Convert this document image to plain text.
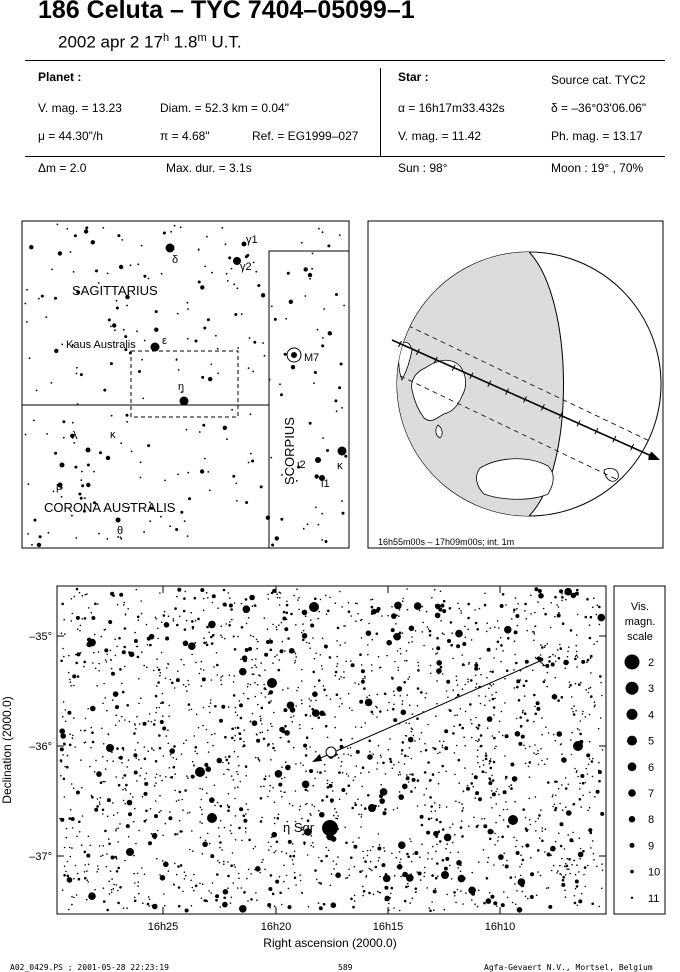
186 Celuta – TYC 7404–05099–1
2002 apr 2 17$^h$ 1.8$^m$ U.T.
Planet :
V. mag. = 13.23	Diam. = 52.3 km = 0.04"
μ = 44.30"/h	π = 4.68"	Ref. = EG1999–027
Δm = 2.0	Max. dur. = 3.1s
Star :	Source cat. TYC2
α = 16h17m33.432s	δ = –36°03'06.06"
V. mag. = 11.42	Ph. mag. = 13.17
Sun : 98°	Moon : 19° , 70%
SAGITTARIUS
Kaus Australis
CORONA AUSTRALIS
SCORPIUS
M7
γ1
δ
γ2
ε
η
λ	κ
μ
θ
ι2	κ
ι1
16h55m00s – 17h09m00s; int. 1m
–35°
–36°
–37°
16h25	16h20	16h15	16h10
Right ascension (2000.0)
Declination (2000.0)
η Sgr
Vis.
magn.
scale
2
3
4
5
6
7
8
9
10
11
A02_0429.PS ; 2001-05-28 22:23:19	589	Agfa-Gevaert N.V., Mortsel, Belgium
